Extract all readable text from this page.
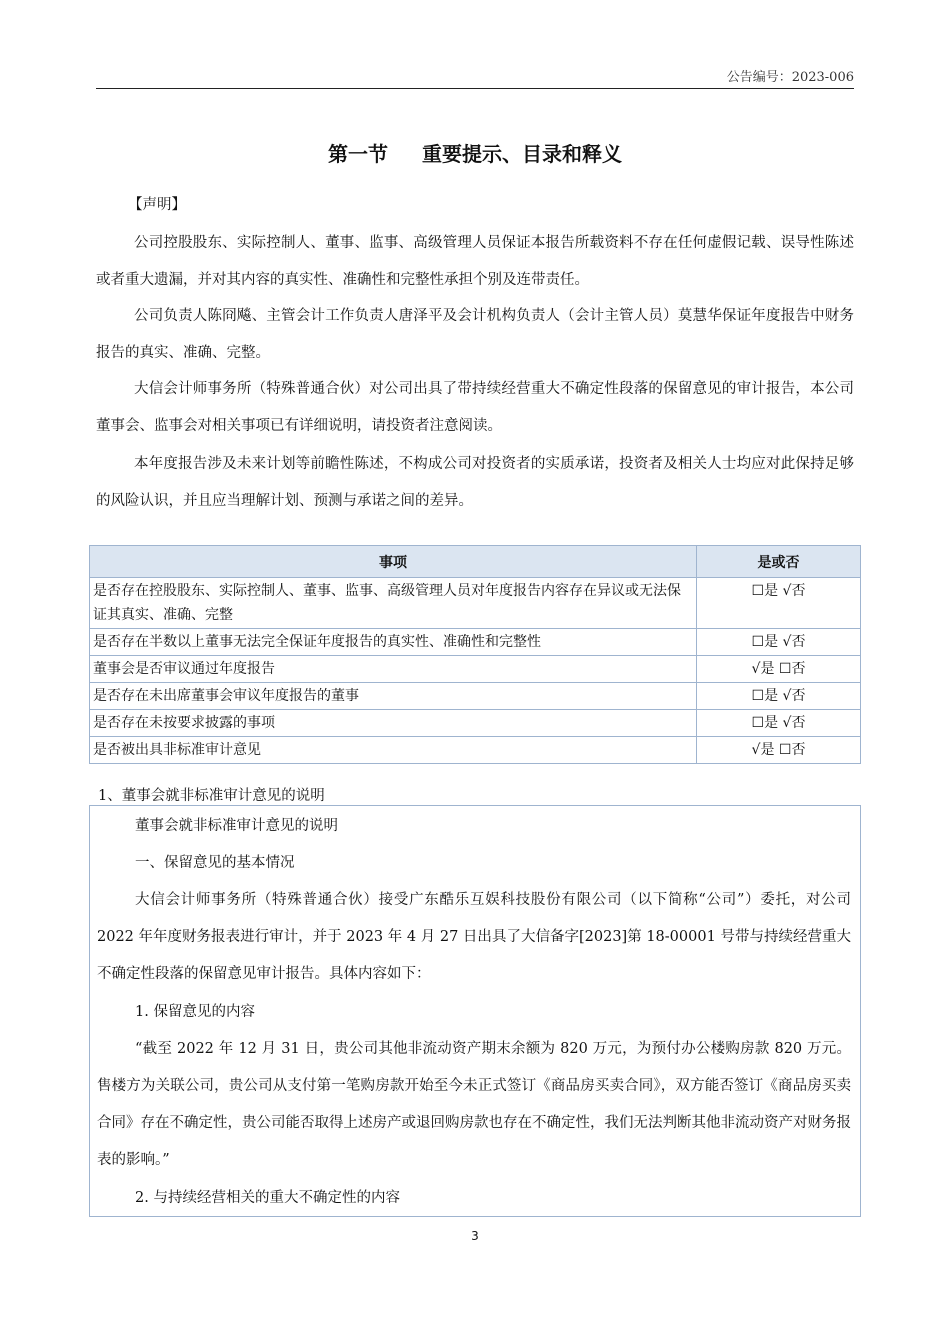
公告编号：2023-006
第一节 重要提示、目录和释义
【声明】
公司控股股东、实际控制人、董事、监事、高级管理人员保证本报告所载资料不存在任何虚假记载、误导性陈述或者重大遗漏，并对其内容的真实性、准确性和完整性承担个别及连带责任。
公司负责人陈冏飚、主管会计工作负责人唐泽平及会计机构负责人（会计主管人员）莫慧华保证年度报告中财务报告的真实、准确、完整。
大信会计师事务所（特殊普通合伙）对公司出具了带持续经营重大不确定性段落的保留意见的审计报告，本公司董事会、监事会对相关事项已有详细说明，请投资者注意阅读。
本年度报告涉及未来计划等前瞻性陈述，不构成公司对投资者的实质承诺，投资者及相关人士均应对此保持足够的风险认识，并且应当理解计划、预测与承诺之间的差异。
事项	是或否
是否存在控股股东、实际控制人、董事、监事、高级管理人员对年度报告内容存在异议或无法保证其真实、准确、完整	☐是 √否
是否存在半数以上董事无法完全保证年度报告的真实性、准确性和完整性	☐是 √否
董事会是否审议通过年度报告	√是 ☐否
是否存在未出席董事会审议年度报告的董事	☐是 √否
是否存在未按要求披露的事项	☐是 √否
是否被出具非标准审计意见	√是 ☐否
1、董事会就非标准审计意见的说明
董事会就非标准审计意见的说明
一、保留意见的基本情况
大信会计师事务所（特殊普通合伙）接受广东酷乐互娱科技股份有限公司（以下简称“公司”）委托，对公司 2022 年年度财务报表进行审计，并于 2023 年 4 月 27 日出具了大信备字[2023]第 18-00001 号带与持续经营重大不确定性段落的保留意见审计报告。具体内容如下：
1. 保留意见的内容
“截至 2022 年 12 月 31 日，贵公司其他非流动资产期末余额为 820 万元，为预付办公楼购房款 820 万元。售楼方为关联公司，贵公司从支付第一笔购房款开始至今未正式签订《商品房买卖合同》，双方能否签订《商品房买卖合同》存在不确定性，贵公司能否取得上述房产或退回购房款也存在不确定性，我们无法判断其他非流动资产对财务报表的影响。”
2. 与持续经营相关的重大不确定性的内容
3
